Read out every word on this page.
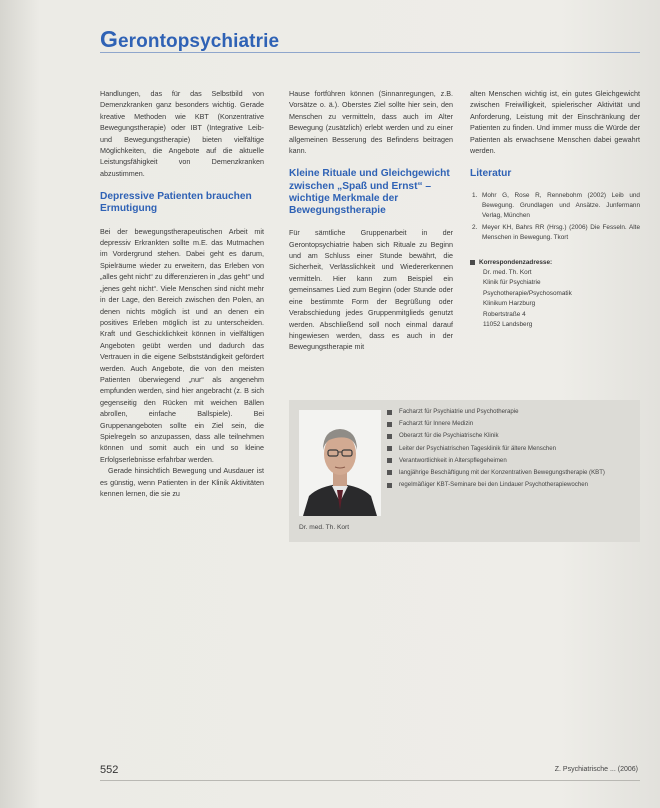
Gerontopsychiatrie

Handlungen, das für das Selbstbild von Demenzkranken ganz besonders wichtig. Gerade kreative Methoden wie KBT (Konzentrative Bewegungstherapie) oder IBT (Integrative Leib- und Bewegungstherapie) bieten vielfältige Möglichkeiten, die Angebote auf die aktuelle Leistungsfähigkeit von Demenzkranken abzustimmen.

Depressive Patienten brauchen Ermutigung

Bei der bewegungstherapeutischen Arbeit mit depressiv Erkrankten sollte m.E. das Mutmachen im Vordergrund stehen. Dabei geht es darum, Spielräume wieder zu erweitern, das Erleben von „alles geht nicht“ zu differenzieren in „das geht“ und „jenes geht nicht“. Viele Menschen sind nicht mehr in der Lage, den Bereich zwischen den Polen, an denen nichts möglich ist und an denen ein positives Erleben möglich ist zu unterscheiden. Kraft und Geschicklichkeit können in vielfältigen Angeboten geübt werden und dadurch das Vertrauen in die eigene Selbstständigkeit gefördert werden. Auch Angebote, die von den meisten Patienten überwiegend „nur“ als angenehm empfunden werden, sind hier angebracht (z. B sich gegenseitig den Rücken mit weichen Bällen abrollen, einfache Ballspiele). Bei Gruppenangeboten sollte ein Ziel sein, die Spielregeln so anzupassen, dass alle teilnehmen können und somit auch ein und so kleine Erfolgserlebnisse erfahrbar werden.

Gerade hinsichtlich Bewegung und Ausdauer ist es günstig, wenn Patienten in der Klinik Aktivitäten kennen lernen, die sie zu

Hause fortführen können (Sinnanregungen, z.B. Vorsätze o. ä.). Oberstes Ziel sollte hier sein, den Menschen zu vermitteln, dass auch im Alter Bewegung (zusätzlich) erlebt werden und zu einer allgemeinen Besserung des Befindens beitragen kann.

Kleine Rituale und Gleichgewicht zwischen „Spaß und Ernst“ – wichtige Merkmale der Bewegungstherapie

Für sämtliche Gruppenarbeit in der Gerontopsychiatrie haben sich Rituale zu Beginn und am Schluss einer Stunde bewährt, die Sicherheit, Verlässlichkeit und Wiedererkennen vermitteln. Hier kann zum Beispiel ein gemeinsames Lied zum Beginn (oder Stunde oder eine bestimmte Form der Begrüßung oder Verabschiedung jedes Gruppenmitglieds genutzt werden. Abschließend soll noch einmal darauf hingewiesen werden, dass es auch in der Bewegungstherapie mit

alten Menschen wichtig ist, ein gutes Gleichgewicht zwischen Freiwilligkeit, spielerischer Aktivität und Anforderung, Leistung mit der Einschränkung der Patienten zu finden. Und immer muss die Würde der Patienten als erwachsene Menschen dabei gewahrt werden.

Literatur
1. Mohr G, Rose R, Rennebohm (2002) Leib und Bewegung. Grundlagen und Ansätze. Junfermann Verlag, München
2. Meyer KH, Bahrs RR (Hrsg.) (2006) Die Fesseln. Alte Menschen in Bewegung. Tkort
Korrespondenzadresse:
Dr. med. Th. Kort
Klinik für Psychiatrie
Psychotherapie/Psychosomatik
Klinikum Harzburg
Robertstraße 4
11052 Landsberg
Dr. med. Th. Kort
Facharzt für Psychiatrie und Psychotherapie
Facharzt für Innere Medizin
Oberarzt für die Psychiatrische Klinik
Leiter der Psychiatrischen Tagesklinik für ältere Menschen
Verantwortlichkeit in Alterspflegeheimen
langjährige Beschäftigung mit der Konzentrativen Bewegungstherapie (KBT)
regelmäßiger KBT-Seminare bei den Lindauer Psychotherapiewochen
552	Z. Psychiatrische ... (2006)
